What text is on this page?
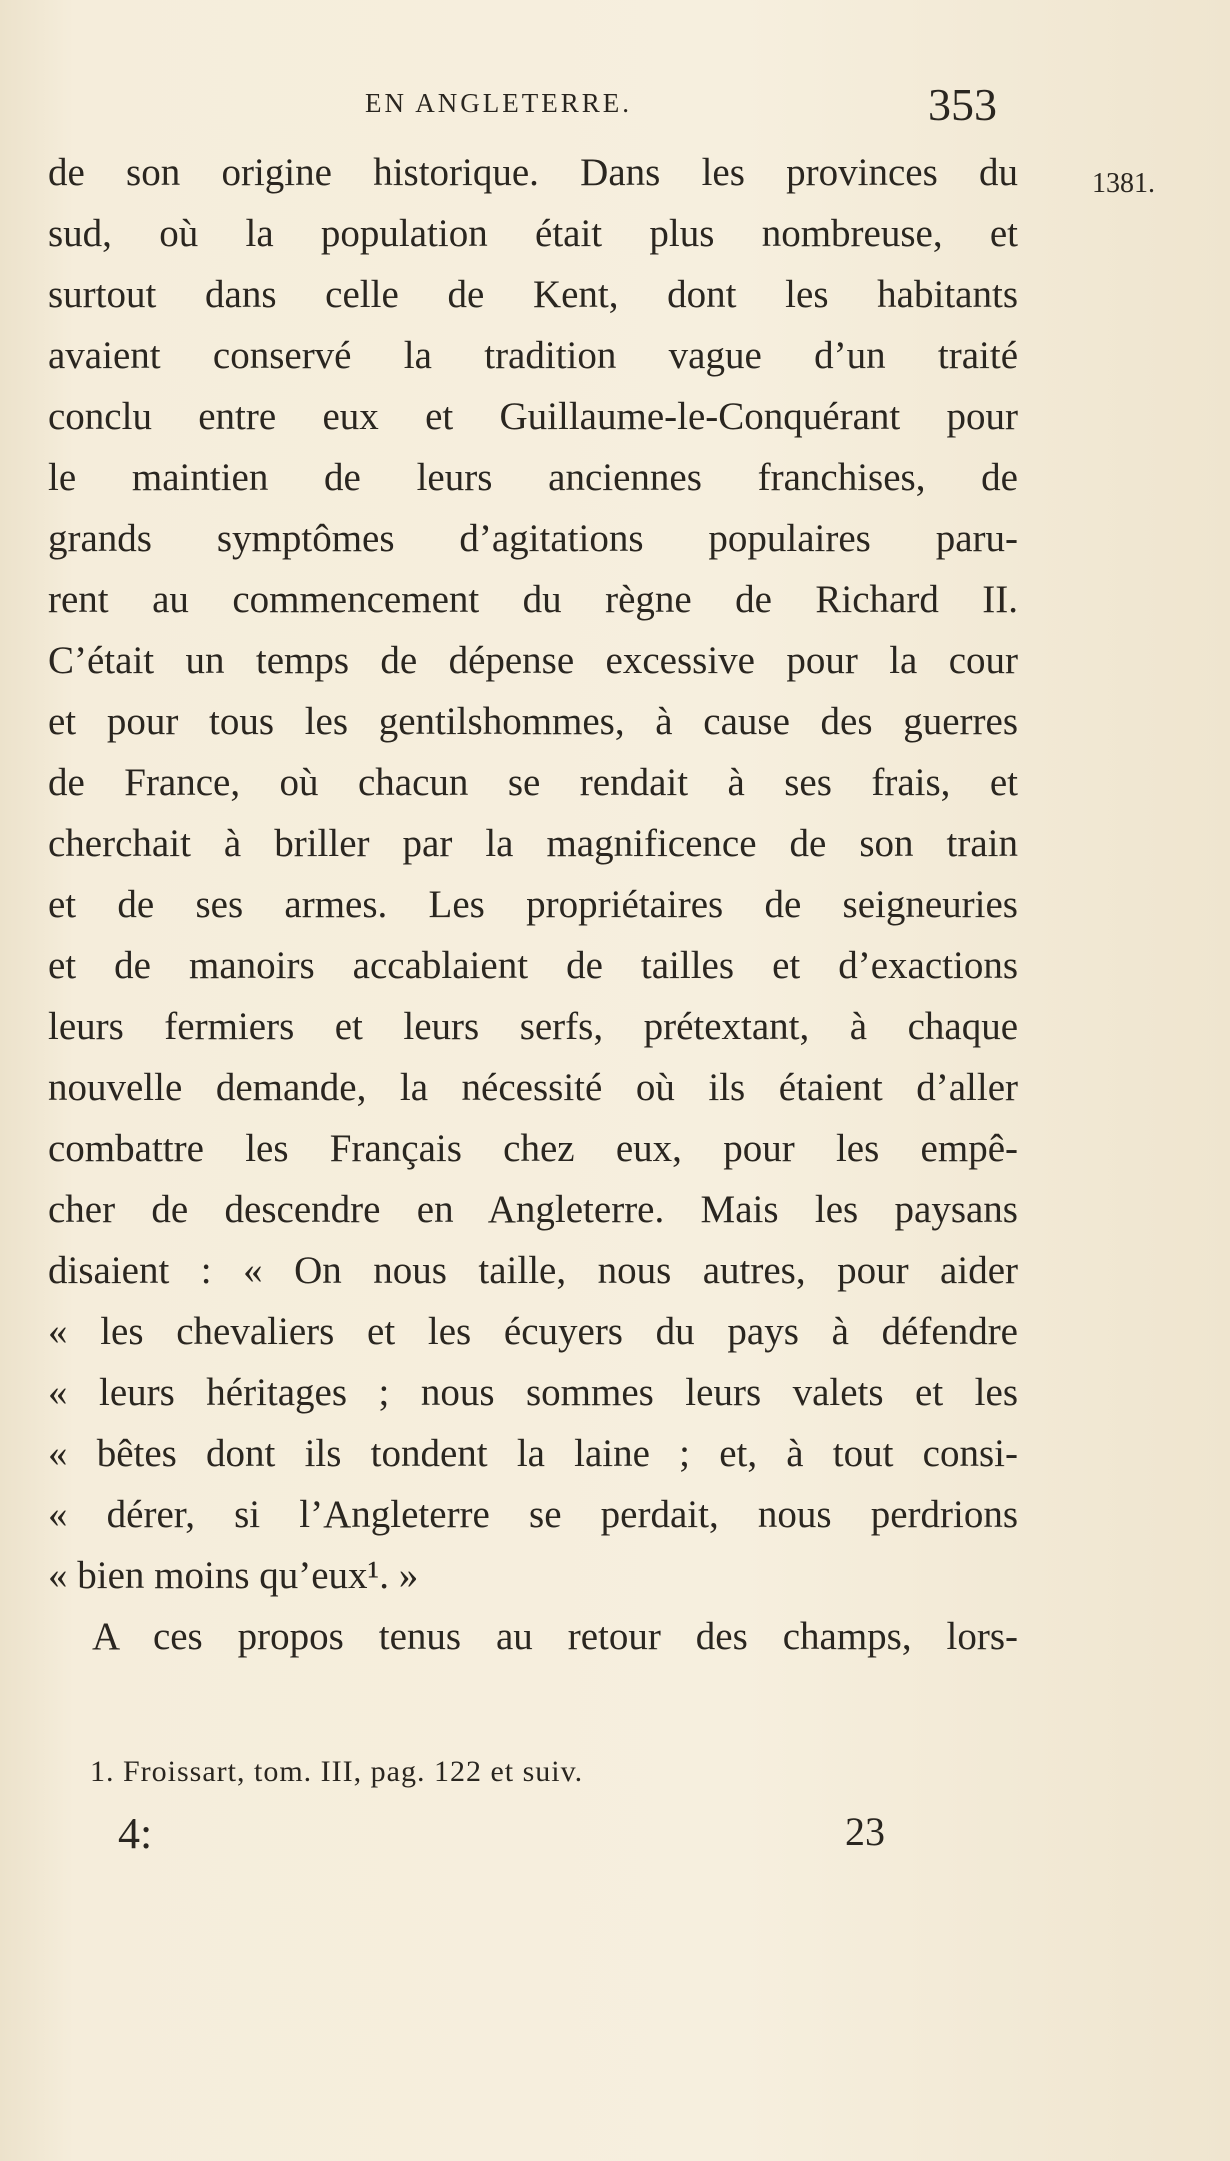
EN ANGLETERRE.	353
1381.
de son origine historique. Dans les provinces du
sud, où la population était plus nombreuse, et
surtout dans celle de Kent, dont les habitants
avaient conservé la tradition vague d’un traité
conclu entre eux et Guillaume-le-Conquérant pour
le maintien de leurs anciennes franchises, de
grands symptômes d’agitations populaires paru-
rent au commencement du règne de Richard II.
C’était un temps de dépense excessive pour la cour
et pour tous les gentilshommes, à cause des guerres
de France, où chacun se rendait à ses frais, et
cherchait à briller par la magnificence de son train
et de ses armes. Les propriétaires de seigneuries
et de manoirs accablaient de tailles et d’exactions
leurs fermiers et leurs serfs, prétextant, à chaque
nouvelle demande, la nécessité où ils étaient d’aller
combattre les Français chez eux, pour les empê-
cher de descendre en Angleterre. Mais les paysans
disaient : « On nous taille, nous autres, pour aider
« les chevaliers et les écuyers du pays à défendre
« leurs héritages ; nous sommes leurs valets et les
« bêtes dont ils tondent la laine ; et, à tout consi-
« dérer, si l’Angleterre se perdait, nous perdrions
« bien moins qu’eux¹. »
A ces propos tenus au retour des champs, lors-
1. Froissart, tom. III, pag. 122 et suiv.
4:	23
